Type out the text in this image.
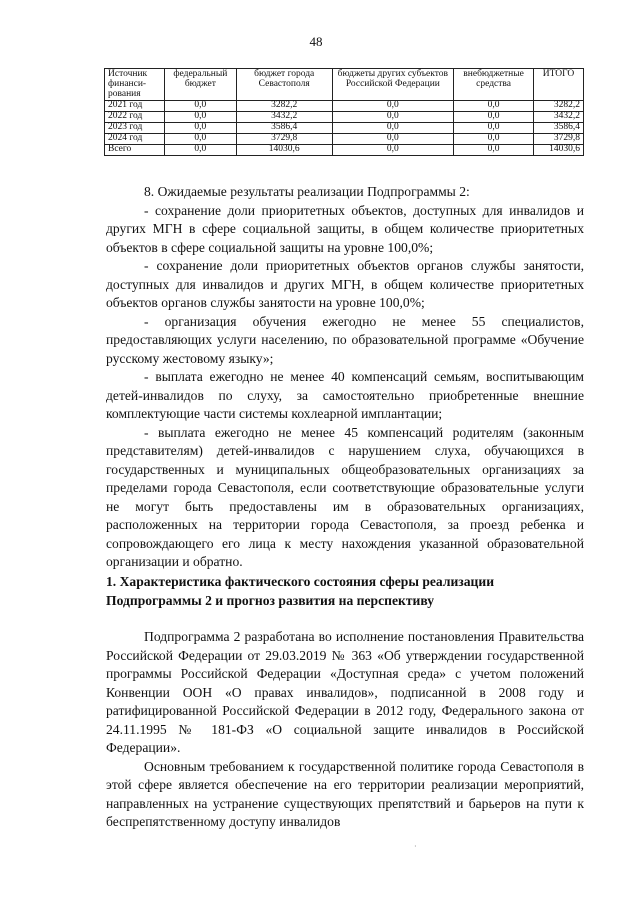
48
Источник финанси-рования	федеральный бюджет	бюджет города Севастополя	бюджеты других субъектов Российской Федерации	внебюджетные средства	ИТОГО
2021 год	0,0	3282,2	0,0	0,0	3282,2
2022 год	0,0	3432,2	0,0	0,0	3432,2
2023 год	0,0	3586,4	0,0	0,0	3586,4
2024 год	0,0	3729,8	0,0	0,0	3729,8
Всего	0,0	14030,6	0,0	0,0	14030,6

8. Ожидаемые результаты реализации Подпрограммы 2:

- сохранение доли приоритетных объектов, доступных для инвалидов и других МГН в сфере социальной защиты, в общем количестве приоритетных объектов в сфере социальной защиты на уровне 100,0%;

- сохранение доли приоритетных объектов органов службы занятости, доступных для инвалидов и других МГН, в общем количестве приоритетных объектов органов службы занятости на уровне 100,0%;

- организация обучения ежегодно не менее 55 специалистов, предоставляющих услуги населению, по образовательной программе «Обучение русскому жестовому языку»;

- выплата ежегодно не менее 40 компенсаций семьям, воспитывающим детей-инвалидов по слуху, за самостоятельно приобретенные внешние комплектующие части системы кохлеарной имплантации;

- выплата ежегодно не менее 45 компенсаций родителям (законным представителям) детей-инвалидов с нарушением слуха, обучающихся в государственных и муниципальных общеобразовательных организациях за пределами города Севастополя, если соответствующие образовательные услуги не могут быть предоставлены им в образовательных организациях, расположенных на территории города Севастополя, за проезд ребенка и сопровождающего его лица к месту нахождения указанной образовательной организации и обратно.

1. Характеристика фактического состояния сферы реализации

Подпрограммы 2 и прогноз развития на перспективу

Подпрограмма 2 разработана во исполнение постановления Правительства Российской Федерации от 29.03.2019 № 363 «Об утверждении государственной программы Российской Федерации «Доступная среда» с учетом положений Конвенции ООН «О правах инвалидов», подписанной в 2008 году и ратифицированной Российской Федерации в 2012 году, Федерального закона от 24.11.1995 № 181-ФЗ «О социальной защите инвалидов в Российской Федерации».

Основным требованием к государственной политике города Севастополя в этой сфере является обеспечение на его территории реализации мероприятий, направленных на устранение существующих препятствий и барьеров на пути к беспрепятственному доступу инвалидов

·
